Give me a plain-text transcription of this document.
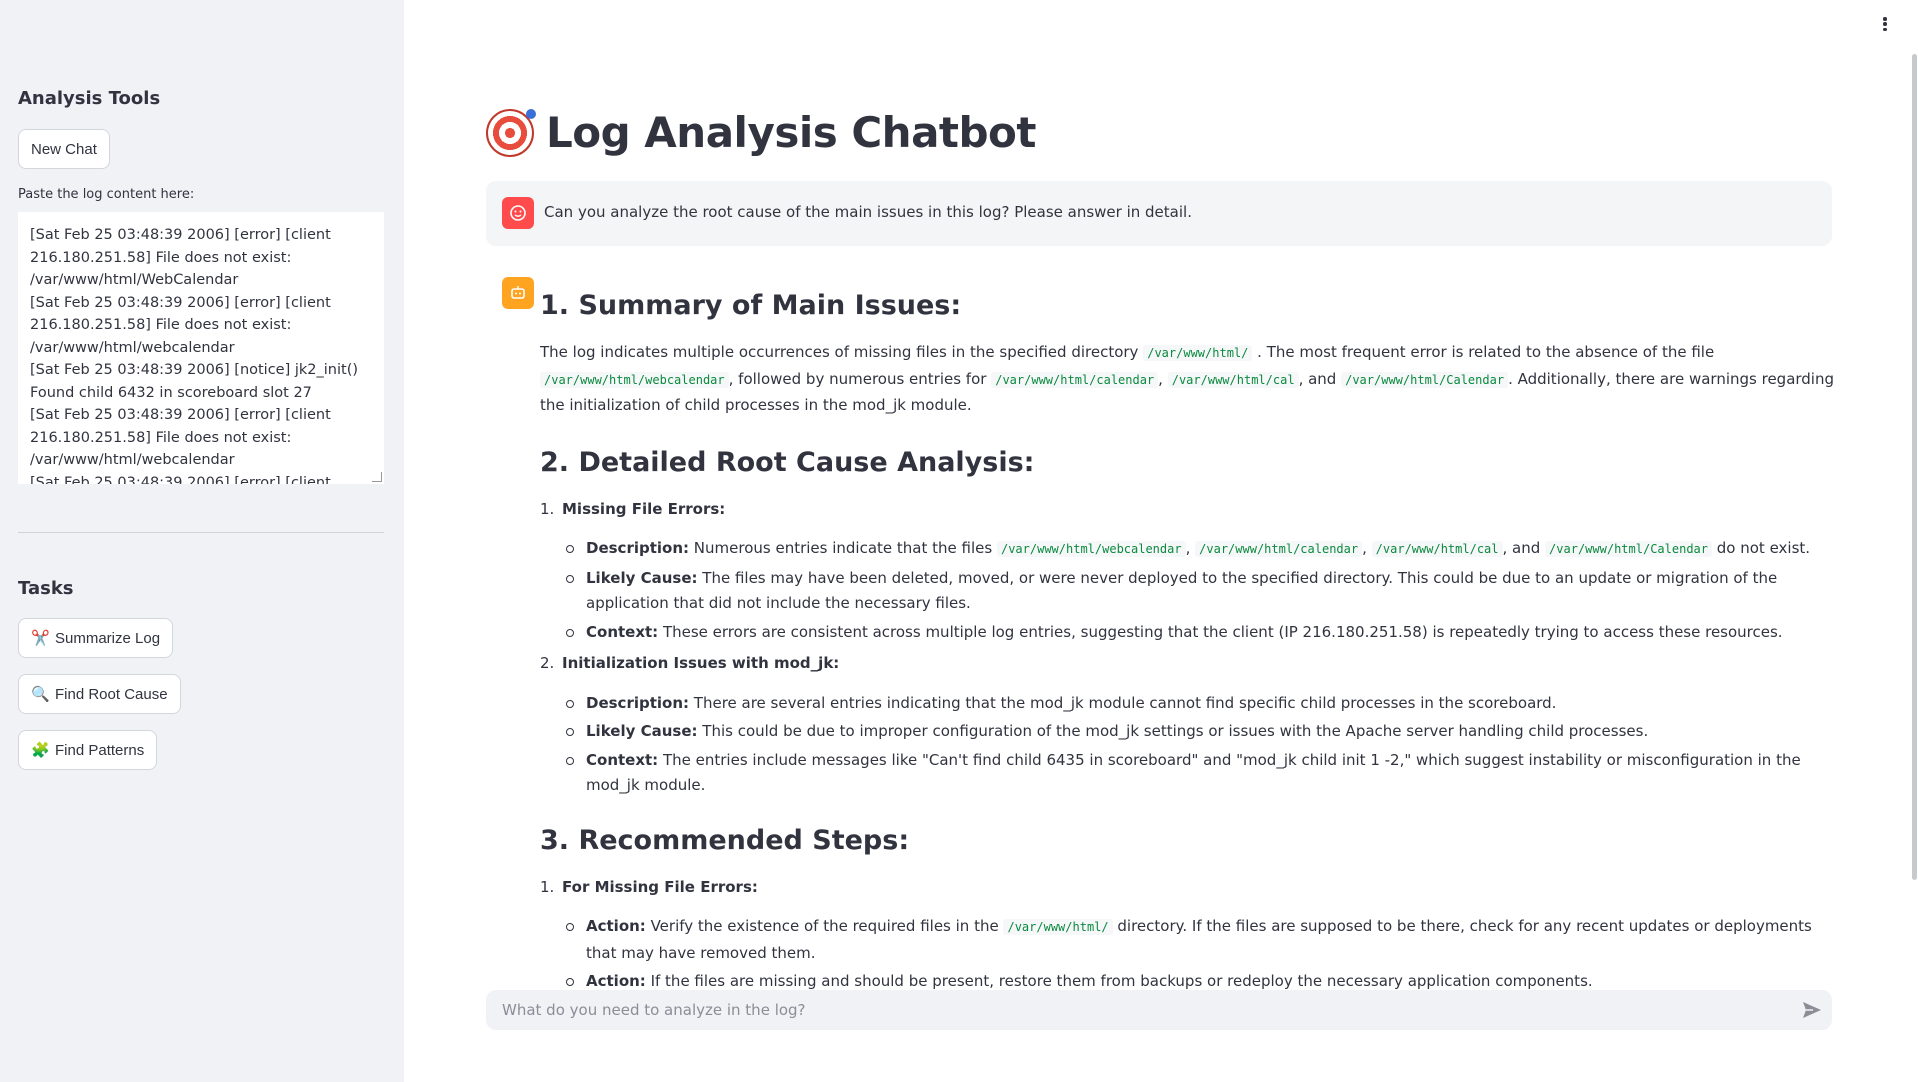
Analysis Tools
New Chat
Paste the log content here:
[Sat Feb 25 03:48:39 2006] [error] [client 216.180.251.58] File does not exist: /var/www/html/WebCalendar [Sat Feb 25 03:48:39 2006] [error] [client 216.180.251.58] File does not exist: /var/www/html/webcalendar [Sat Feb 25 03:48:39 2006] [notice] jk2_init() Found child 6432 in scoreboard slot 27 [Sat Feb 25 03:48:39 2006] [error] [client 216.180.251.58] File does not exist: /var/www/html/webcalendar [Sat Feb 25 03:48:39 2006] [error] [client
Tasks
✂️ Summarize Log
🔍 Find Root Cause
🧩 Find Patterns
Log Analysis Chatbot
Can you analyze the root cause of the main issues in this log? Please answer in detail.
1. Summary of Main Issues:
The log indicates multiple occurrences of missing files in the specified directory /var/www/html/ . The most frequent error is related to the absence of the file /var/www/html/webcalendar , followed by numerous entries for /var/www/html/calendar , /var/www/html/cal , and /var/www/html/Calendar . Additionally, there are warnings regarding the initialization of child processes in the mod_jk module.
2. Detailed Root Cause Analysis:
1. Missing File Errors:
Description: Numerous entries indicate that the files /var/www/html/webcalendar , /var/www/html/calendar , /var/www/html/cal , and /var/www/html/Calendar do not exist.
Likely Cause: The files may have been deleted, moved, or were never deployed to the specified directory. This could be due to an update or migration of the application that did not include the necessary files.
Context: These errors are consistent across multiple log entries, suggesting that the client (IP 216.180.251.58) is repeatedly trying to access these resources.
2. Initialization Issues with mod_jk:
Description: There are several entries indicating that the mod_jk module cannot find specific child processes in the scoreboard.
Likely Cause: This could be due to improper configuration of the mod_jk settings or issues with the Apache server handling child processes.
Context: The entries include messages like "Can't find child 6435 in scoreboard" and "mod_jk child init 1 -2," which suggest instability or misconfiguration in the mod_jk module.
3. Recommended Steps:
1. For Missing File Errors:
Action: Verify the existence of the required files in the /var/www/html/ directory. If the files are supposed to be there, check for any recent updates or deployments that may have removed them.
Action: If the files are missing and should be present, restore them from backups or redeploy the necessary application components.
What do you need to analyze in the log?
